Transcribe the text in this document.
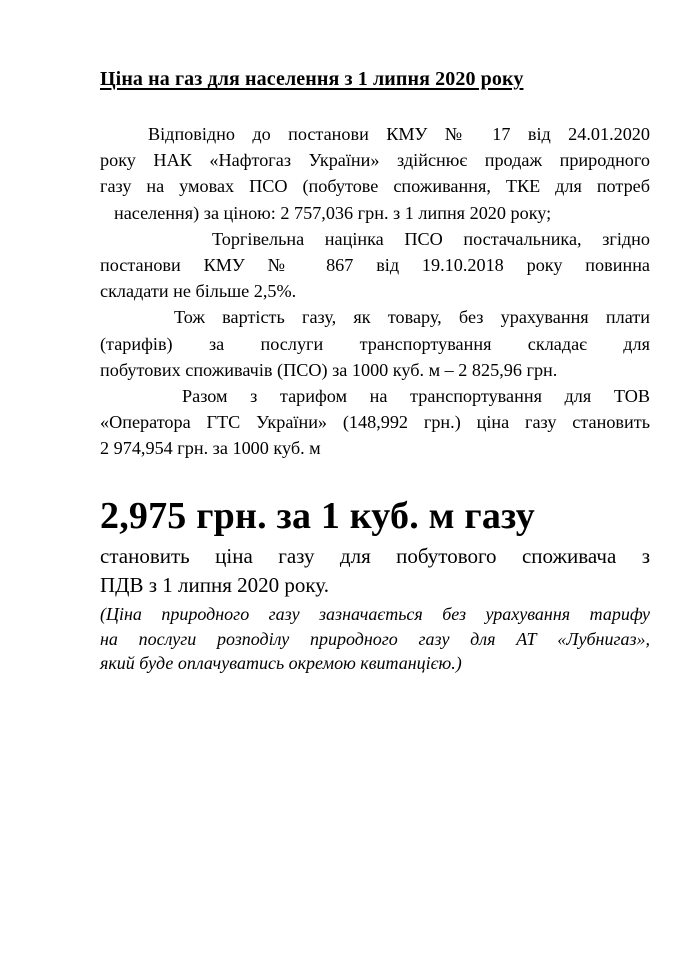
Ціна на газ для населення з 1 липня 2020 року

Відповідно до постанови КМУ № 17 від 24.01.2020
року НАК «Нафтогаз України» здійснює продаж природного
газу на умовах ПСО (побутове споживання, ТКЕ для потреб
населення) за ціною: 2 757,036 грн. з 1 липня 2020 року;

Торгівельна націнка ПСО постачальника, згідно
постанови КМУ № 867 від 19.10.2018 року повинна
складати не більше 2,5%.

Тож вартість газу, як товару, без урахування плати
(тарифів) за послуги транспортування складає для
побутових споживачів (ПСО) за 1000 куб. м – 2 825,96 грн.

Разом з тарифом на транспортування для ТОВ
«Оператора ГТС України» (148,992 грн.) ціна газу становить
2 974,954 грн. за 1000 куб. м

2,975 грн. за 1 куб. м газу
становить ціна газу для побутового споживача з
ПДВ з 1 липня 2020 року.
(Ціна природного газу зазначається без урахування тарифу
на послуги розподілу природного газу для АТ «Лубнигаз»,
який буде оплачуватись окремою квитанцією.)
